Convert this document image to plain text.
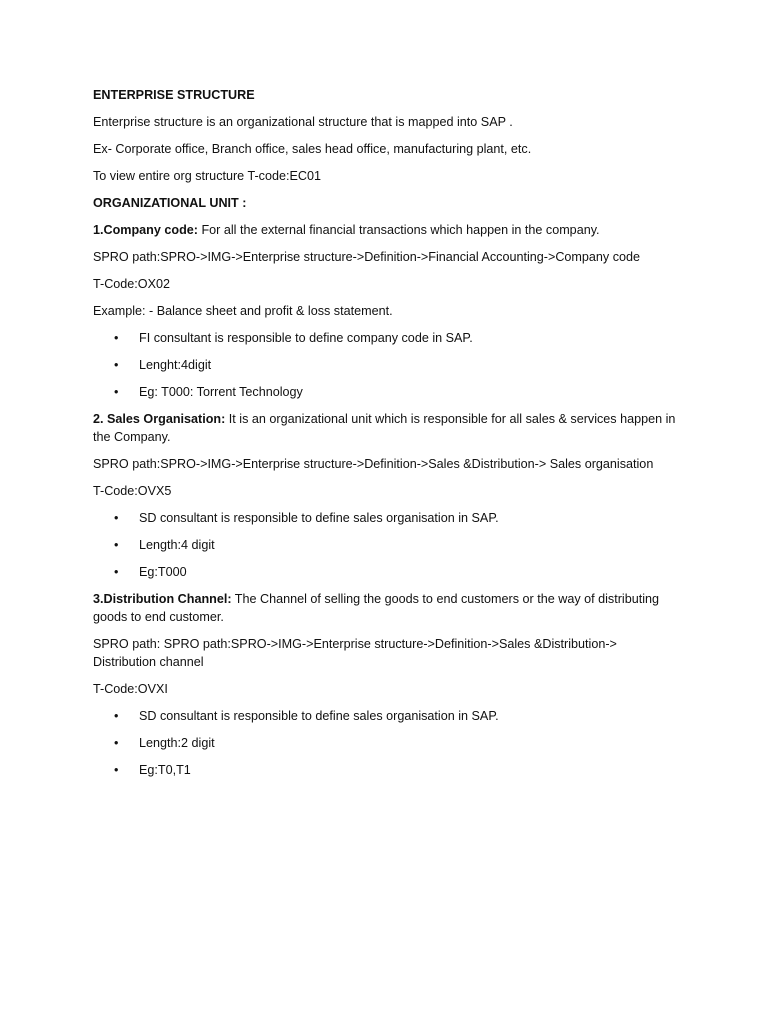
ENTERPRISE STRUCTURE

Enterprise structure is an organizational structure that is mapped into SAP .

Ex- Corporate office, Branch office, sales head office, manufacturing plant, etc.

To view entire org structure T-code:EC01

ORGANIZATIONAL UNIT :

1.Company code: For all the external financial transactions which happen in the company.

SPRO path:SPRO->IMG->Enterprise structure->Definition->Financial Accounting->Company code

T-Code:OX02

Example: - Balance sheet and profit & loss statement.

• FI consultant is responsible to define company code in SAP.
• Lenght:4digit
• Eg: T000: Torrent Technology

2. Sales Organisation: It is an organizational unit which is responsible for all sales & services happen in the Company.

SPRO path:SPRO->IMG->Enterprise structure->Definition->Sales &Distribution-> Sales organisation

T-Code:OVX5

• SD consultant is responsible to define sales organisation in SAP.
• Length:4 digit
• Eg:T000

3.Distribution Channel: The Channel of selling the goods to end customers or the way of distributing goods to end customer.

SPRO path: SPRO path:SPRO->IMG->Enterprise structure->Definition->Sales &Distribution-> Distribution channel

T-Code:OVXI

• SD consultant is responsible to define sales organisation in SAP.
• Length:2 digit
• Eg:T0,T1
